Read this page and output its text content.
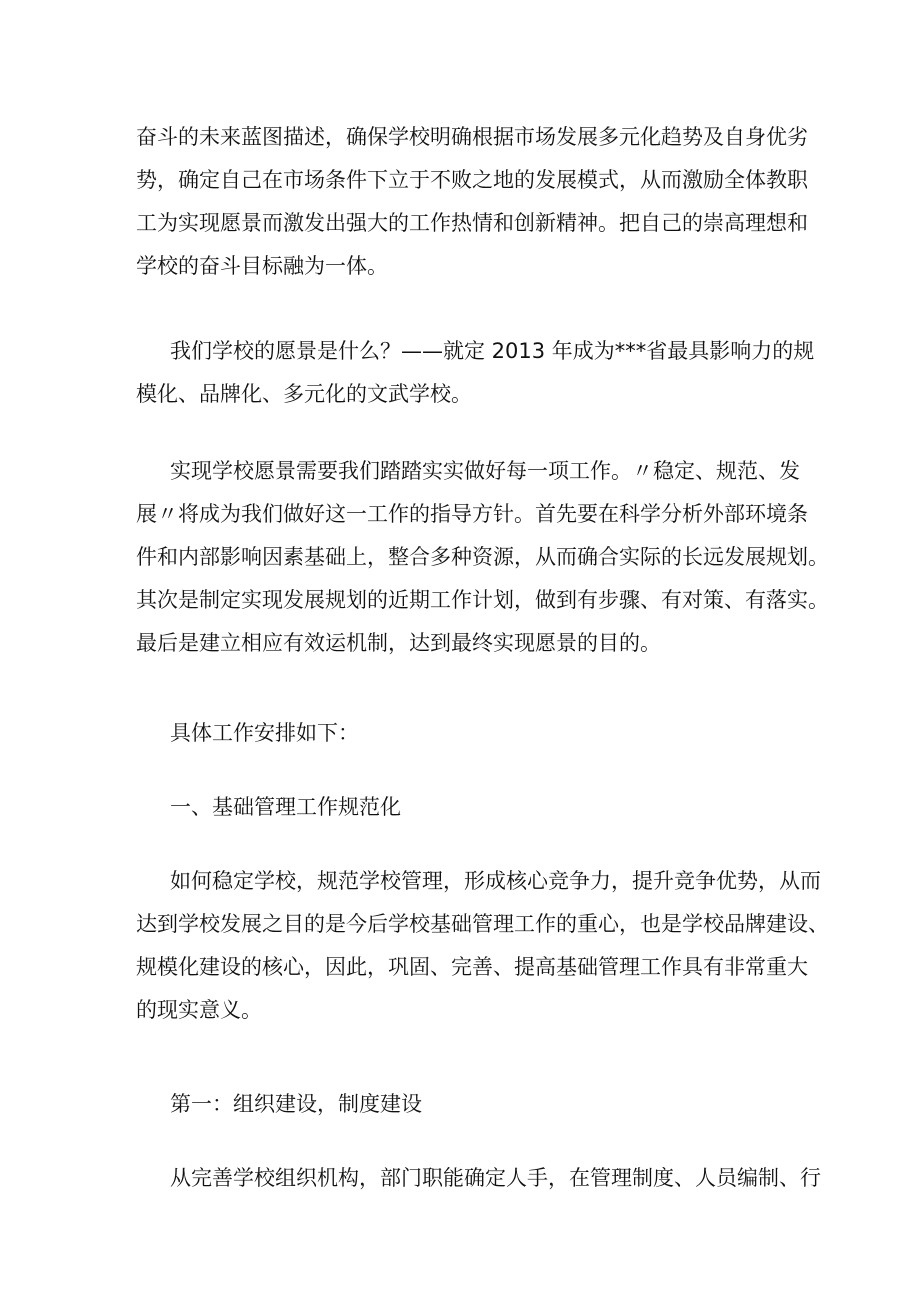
奋斗的未来蓝图描述，确保学校明确根据市场发展多元化趋势及自身优劣
势，确定自己在市场条件下立于不败之地的发展模式，从而激励全体教职
工为实现愿景而激发出强大的工作热情和创新精神。把自己的崇高理想和
学校的奋斗目标融为一体。
我们学校的愿景是什么？——就定 2013 年成为***省最具影响力的规
模化、品牌化、多元化的文武学校。
实现学校愿景需要我们踏踏实实做好每一项工作。〃稳定、规范、发
展〃将成为我们做好这一工作的指导方针。首先要在科学分析外部环境条
件和内部影响因素基础上，整合多种资源，从而确合实际的长远发展规划。
其次是制定实现发展规划的近期工作计划，做到有步骤、有对策、有落实。
最后是建立相应有效运机制，达到最终实现愿景的目的。
具体工作安排如下：
一、基础管理工作规范化
如何稳定学校，规范学校管理，形成核心竞争力，提升竞争优势，从而
达到学校发展之目的是今后学校基础管理工作的重心，也是学校品牌建设、
规模化建设的核心，因此，巩固、完善、提高基础管理工作具有非常重大
的现实意义。
第一：组织建设，制度建设
从完善学校组织机构，部门职能确定人手，在管理制度、人员编制、行
